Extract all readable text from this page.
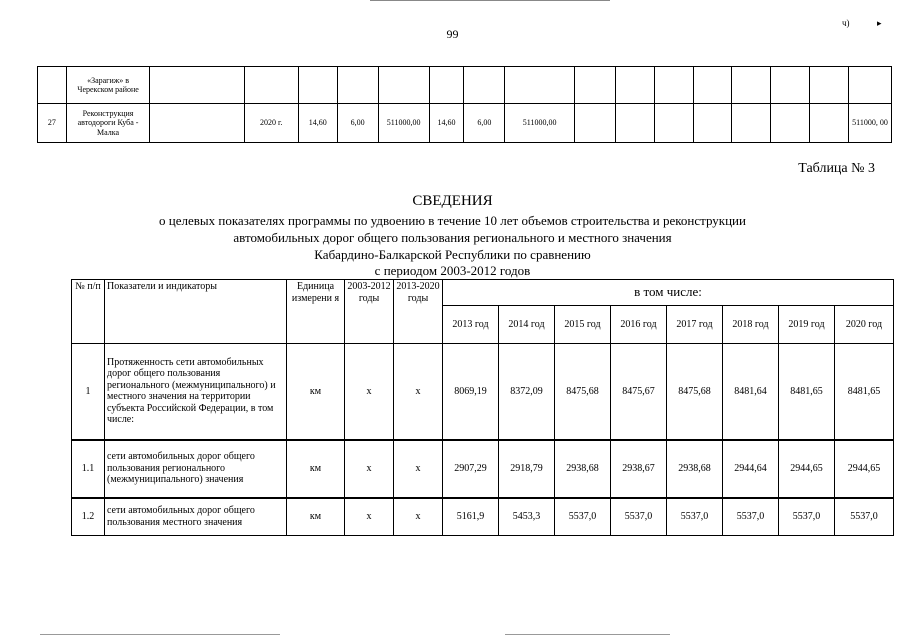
99
ч)	▸
	«Зарагиж» в Черекском районе																
27	Реконструкция автодороги Куба - Малка		2020 г.	14,60	6,00	511000,00	14,60	6,00	511000,00								511000, 00
Таблица № 3
СВЕДЕНИЯ
о целевых показателях программы по удвоению в течение 10 лет объемов строительства и реконструкции
автомобильных дорог общего пользования регионального и местного значения
Кабардино-Балкарской Республики по сравнению
с периодом 2003-2012 годов
№ п/п	Показатели и индикаторы	Единица измерени я	2003-2012 годы	2013-2020 годы	в том числе:							
					2013 год	2014 год	2015 год	2016 год	2017 год	2018 год	2019 год	2020 год
1	Протяженность сети автомобильных дорог общего пользования регионального (межмуниципального) и местного значения на территории субъекта Российской Федерации, в том числе:	км	х	х	8069,19	8372,09	8475,68	8475,67	8475,68	8481,64	8481,65	8481,65
1.1	сети автомобильных дорог общего пользования регионального (межмуниципального) значения	км	х	х	2907,29	2918,79	2938,68	2938,67	2938,68	2944,64	2944,65	2944,65
1.2	сети автомобильных дорог общего пользования местного значения	км	х	х	5161,9	5453,3	5537,0	5537,0	5537,0	5537,0	5537,0	5537,0
